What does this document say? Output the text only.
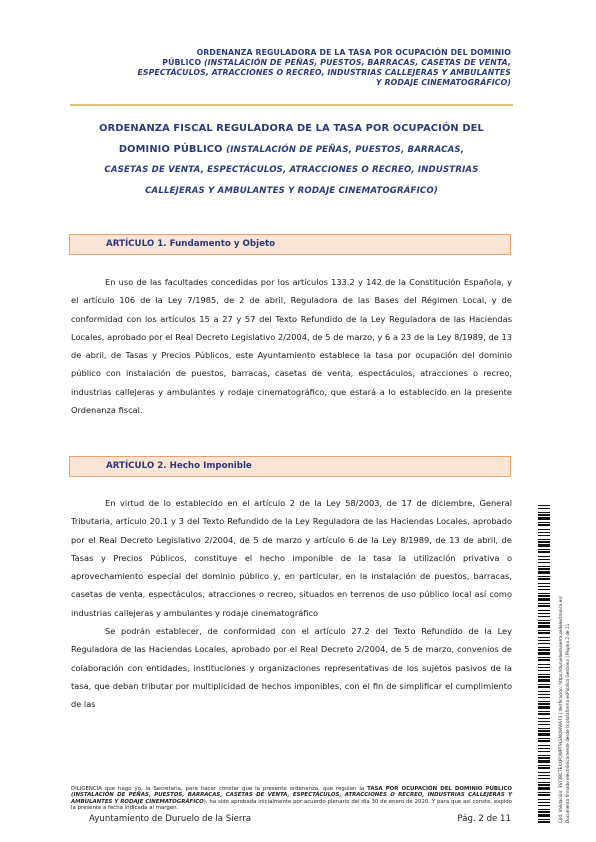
ORDENANZA REGULADORA DE LA TASA POR OCUPACIÓN DEL DOMINIO
PÚBLICO (INSTALACIÓN DE PEÑAS, PUESTOS, BARRACAS, CASETAS DE VENTA,
ESPECTÁCULOS, ATRACCIONES O RECREO, INDUSTRIAS CALLEJERAS Y AMBULANTES
Y RODAJE CINEMATOGRÁFICO)
ORDENANZA FISCAL REGULADORA DE LA TASA POR OCUPACIÓN DEL
DOMINIO PÚBLICO (INSTALACIÓN DE PEÑAS, PUESTOS, BARRACAS,
CASETAS DE VENTA, ESPECTÁCULOS, ATRACCIONES O RECREO, INDUSTRIAS
CALLEJERAS Y AMBULANTES Y RODAJE CINEMATOGRÁFICO)
ARTÍCULO 1. Fundamento y Objeto

En uso de las facultades concedidas por los artículos 133.2 y 142 de la Constitución Española, y el artículo 106 de la Ley 7/1985, de 2 de abril, Reguladora de las Bases del Régimen Local, y de conformidad con los artículos 15 a 27 y 57 del Texto Refundido de la Ley Reguladora de las Haciendas Locales, aprobado por el Real Decreto Legislativo 2/2004, de 5 de marzo, y 6 a 23 de la Ley 8/1989, de 13 de abril, de Tasas y Precios Públicos, este Ayuntamiento establece la tasa por ocupación del dominio público con instalación de puestos, barracas, casetas de venta, espectáculos, atracciones o recreo, industrias callejeras y ambulantes y rodaje cinematográfico, que estará a lo establecido en la presente Ordenanza fiscal.

ARTÍCULO 2. Hecho Imponible

En virtud de lo establecido en el artículo 2 de la Ley 58/2003, de 17 de diciembre, General Tributaria, artículo 20.1 y 3 del Texto Refundido de la Ley Reguladora de las Haciendas Locales, aprobado por el Real Decreto Legislativo 2/2004, de 5 de marzo y artículo 6 de la Ley 8/1989, de 13 de abril, de Tasas y Precios Públicos, constituye el hecho imponible de la tasa la utilización privativa o aprovechamiento especial del dominio público y, en particular, en la instalación de puestos, barracas, casetas de venta, espectáculos, atracciones o recreo, situados en terrenos de uso público local así como industrias callejeras y ambulantes y rodaje cinematográfico

Se podrán establecer, de conformidad con el artículo 27.2 del Texto Refundido de la Ley Reguladora de las Haciendas Locales, aprobado por el Real Decreto 2/2004, de 5 de marzo, convenios de colaboración con entidades, instituciones y organizaciones representativas de los sujetos pasivos de la tasa, que deban tributar por multiplicidad de hechos imponibles, con el fin de simplificar el cumplimiento de las

DILIGENCIA que hago yo, la Secretaria, para hacer constar que la presente ordenanza, que regulan la TASA POR OCUPACIÓN DEL DOMINIO PÚBLICO (INSTALACIÓN DE PEÑAS, PUESTOS, BARRACAS, CASETAS DE VENTA, ESPECTÁCULOS, ATRACCIONES O RECREO, INDUSTRIAS CALLEJERAS Y AMBULANTES Y RODAJE CINEMATOGRÁFICO), ha sido aprobada inicialmente por acuerdo plenario del día 30 de enero de 2020. Y para que así conste, expido la presente a fecha indicada al margen.
Ayuntamiento de Duruelo de la Sierra	Pág. 2 de 11	Cód. Validación: 3SY3RCTEXXPQWPT9LSNQWWA73 | Verificación: https://durueloelasierra.sedelectronica.es/ Documento firmado electrónicamente desde la plataforma esPublico Gestiona | Página 2 de 11
